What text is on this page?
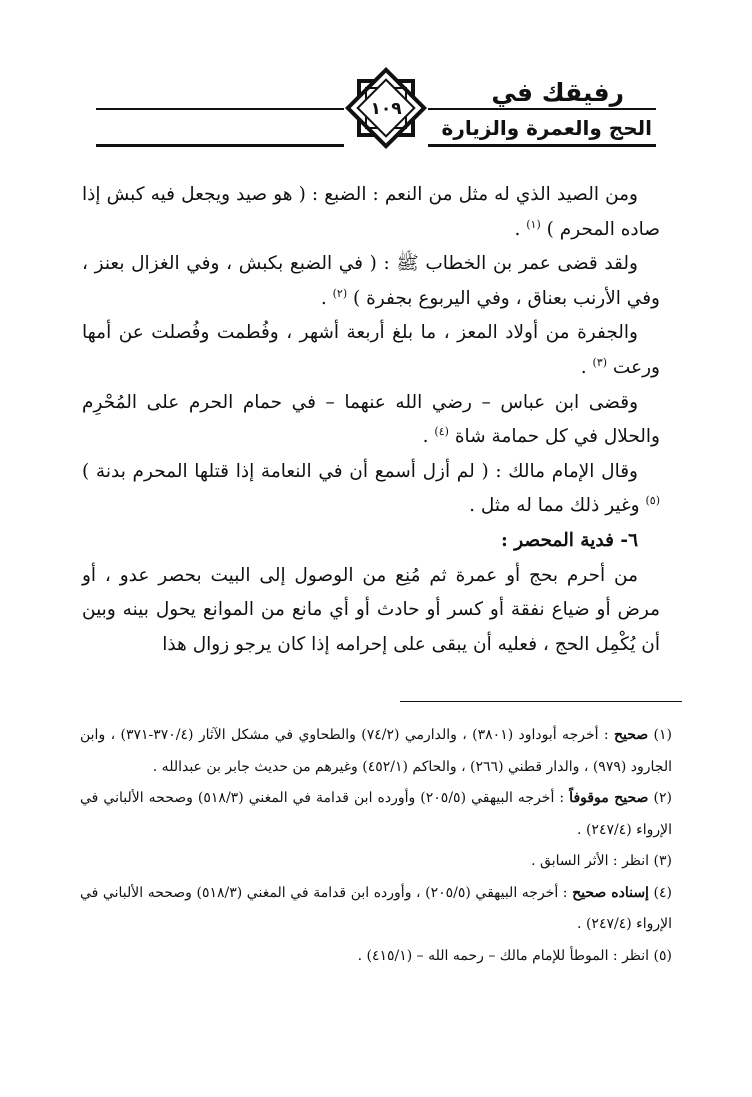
رفيقك في
الحج والعمرة والزيارة
١٠٩

ومن الصيد الذي له مثل من النعم : الضبع : ( هو صيد ويجعل فيه كبش إذا صاده المحرم ) $^{(١)}$ .

ولقد قضى عمر بن الخطاب ﷺ : ( في الضبع بكبش ، وفي الغزال بعنز ، وفي الأرنب بعناق ، وفي اليربوع بجفرة ) $^{(٢)}$ .

والجفرة من أولاد المعز ، ما بلغ أربعة أشهر ، وفُطمت وفُصلت عن أمها ورعت $^{(٣)}$ .

وقضى ابن عباس – رضي الله عنهما – في حمام الحرم على المُحْرِم والحلال في كل حمامة شاة $^{(٤)}$ .

وقال الإمام مالك : ( لم أزل أسمع أن في النعامة إذا قتلها المحرم بدنة ) $^{(٥)}$ وغير ذلك مما له مثل .

٦- فدية المحصر :

من أحرم بحج أو عمرة ثم مُنِع من الوصول إلى البيت بحصر عدو ، أو مرض أو ضياع نفقة أو كسر أو حادث أو أي مانع من الموانع يحول بينه وبين أن يُكْمِل الحج ، فعليه أن يبقى على إحرامه إذا كان يرجو زوال هذا

(١) صحيح : أخرجه أبوداود (٣٨٠١) ، والدارمي (٧٤/٢) والطحاوي في مشكل الآثار (٣٧٠/٤-٣٧١) ، وابن الجارود (٩٧٩) ، والدار قطني (٢٦٦) ، والحاكم (٤٥٢/١) وغيرهم من حديث جابر بن عبدالله .

(٢) صحيح موقوفاً : أخرجه البيهقي (٢٠٥/٥) وأورده ابن قدامة في المغني (٥١٨/٣) وصححه الألباني في الإرواء (٢٤٧/٤) .

(٣) انظر : الأثر السابق .

(٤) إسناده صحيح : أخرجه البيهقي (٢٠٥/٥) ، وأورده ابن قدامة في المغني (٥١٨/٣) وصححه الألباني في الإرواء (٢٤٧/٤) .

(٥) انظر : الموطأ للإمام مالك – رحمه الله – (٤١٥/١) .
